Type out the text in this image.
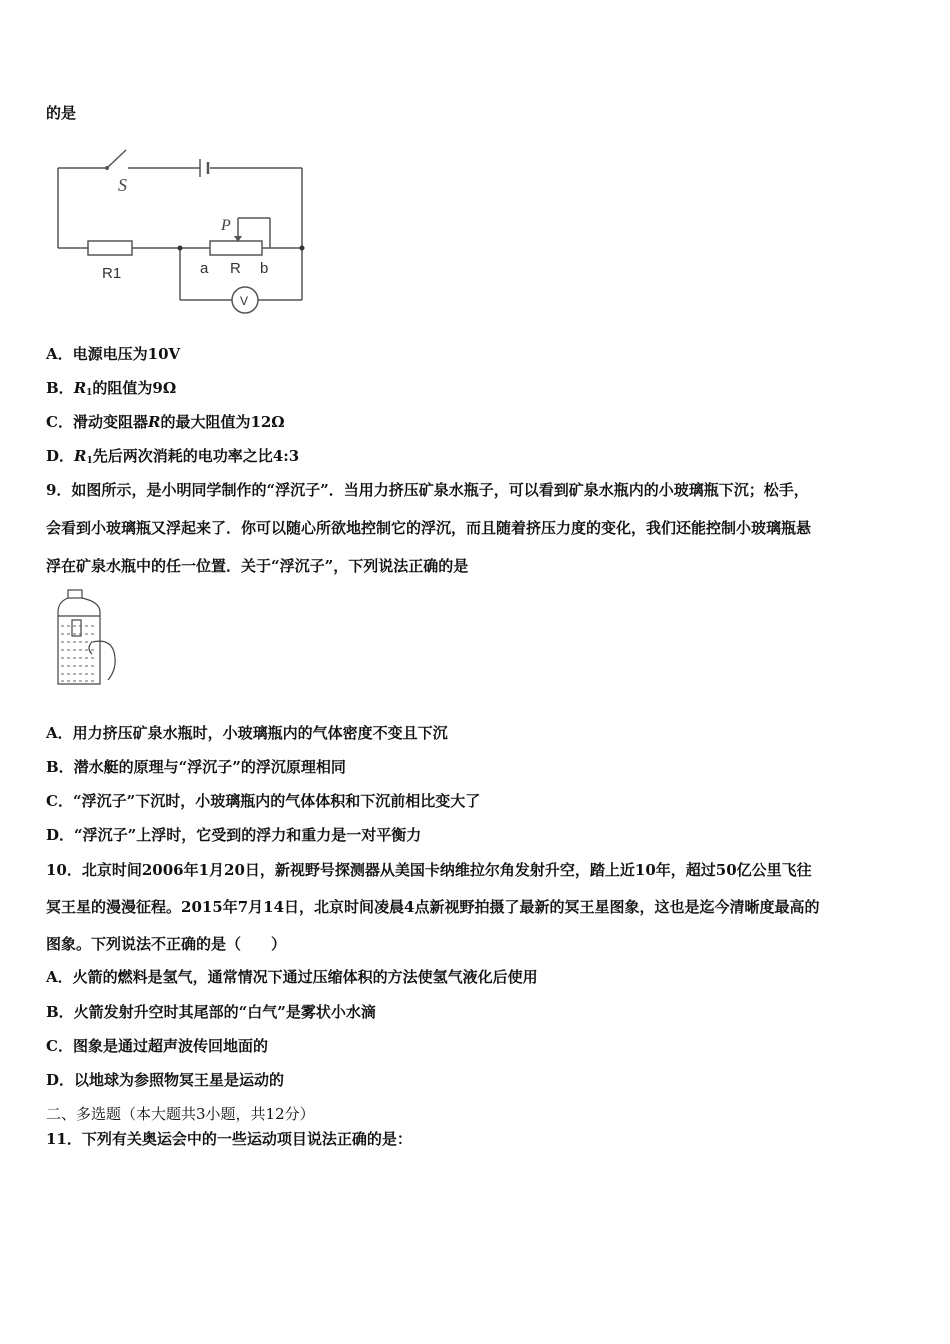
的是
S
R1
P
a R b
V
A．电源电压为10V
B．$R_1$的阻值为9Ω
C．滑动变阻器R的最大阻值为12Ω
D．$R_1$先后两次消耗的电功率之比4:3
9．如图所示，是小明同学制作的“浮沉子”．当用力挤压矿泉水瓶子，可以看到矿泉水瓶内的小玻璃瓶下沉；松手，
会看到小玻璃瓶又浮起来了．你可以随心所欲地控制它的浮沉，而且随着挤压力度的变化，我们还能控制小玻璃瓶悬
浮在矿泉水瓶中的任一位置．关于“浮沉子”，下列说法正确的是
A．用力挤压矿泉水瓶时，小玻璃瓶内的气体密度不变且下沉
B．潜水艇的原理与“浮沉子”的浮沉原理相同
C．“浮沉子”下沉时，小玻璃瓶内的气体体积和下沉前相比变大了
D．“浮沉子”上浮时，它受到的浮力和重力是一对平衡力
10．北京时间2006年1月20日，新视野号探测器从美国卡纳维拉尔角发射升空，踏上近10年，超过50亿公里飞往
冥王星的漫漫征程。2015年7月14日，北京时间凌晨4点新视野拍摄了最新的冥王星图象，这也是迄今清晰度最高的
图象。下列说法不正确的是（　　）
A．火箭的燃料是氢气，通常情况下通过压缩体积的方法使氢气液化后使用
B．火箭发射升空时其尾部的“白气”是雾状小水滴
C．图象是通过超声波传回地面的
D．以地球为参照物冥王星是运动的
二、多选题（本大题共3小题，共12分）
11．下列有关奥运会中的一些运动项目说法正确的是：
